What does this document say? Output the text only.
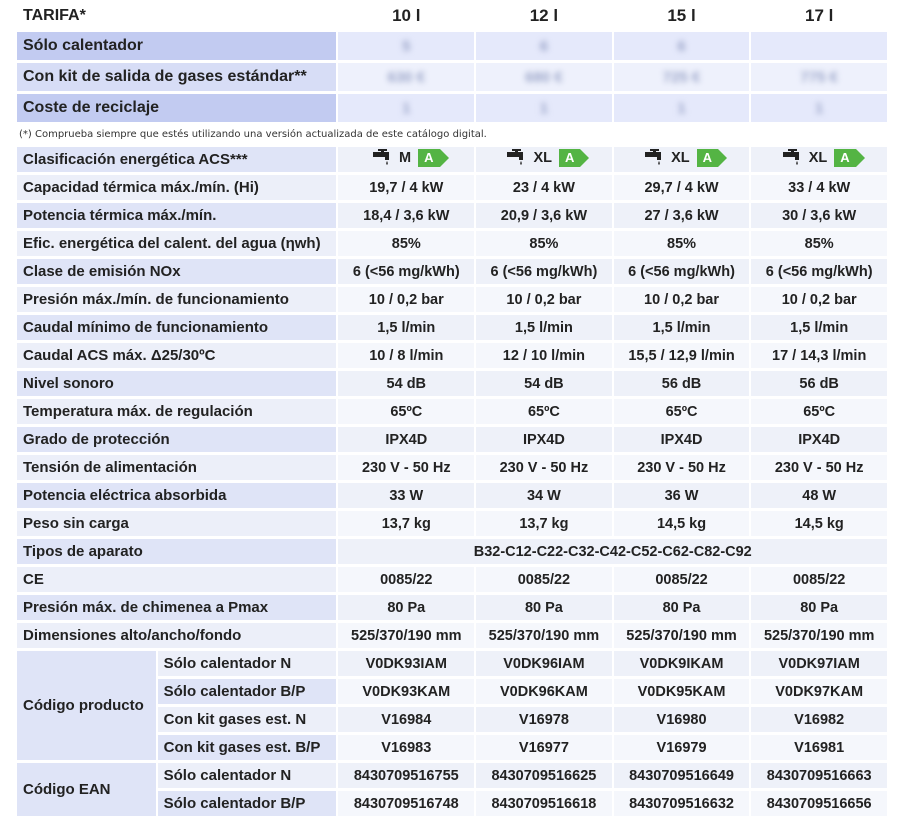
TARIFA*		10 l	12 l	15 l	17 l
Sólo calentador		5	6	6	
Con kit de salida de gases estándar**		630 €	680 €	725 €	775 €
Coste de reciclaje		1	1	1	1
(*) Comprueba siempre que estés utilizando una versión actualizada de este catálogo digital.					
Clasificación energética ACS***		M A	XL A	XL A	XL A

Capacidad térmica máx./mín. (Hi)		19,7 / 4 kW	23 / 4 kW	29,7 / 4 kW	33 / 4 kW
Potencia térmica máx./mín.		18,4 / 3,6 kW	20,9 / 3,6 kW	27 / 3,6 kW	30 / 3,6 kW
Efic. energética del calent. del agua (ηwh)		85%	85%	85%	85%
Clase de emisión NOx		6 (<56 mg/kWh)	6 (<56 mg/kWh)	6 (<56 mg/kWh)	6 (<56 mg/kWh)
Presión máx./mín. de funcionamiento		10 / 0,2 bar	10 / 0,2 bar	10 / 0,2 bar	10 / 0,2 bar
Caudal mínimo de funcionamiento		1,5 l/min	1,5 l/min	1,5 l/min	1,5 l/min
Caudal ACS máx. Δ25/30ºC		10 / 8 l/min	12 / 10 l/min	15,5 / 12,9 l/min	17 / 14,3 l/min
Nivel sonoro		54 dB	54 dB	56 dB	56 dB
Temperatura máx. de regulación		65ºC	65ºC	65ºC	65ºC
Grado de protección		IPX4D	IPX4D	IPX4D	IPX4D
Tensión de alimentación		230 V - 50 Hz	230 V - 50 Hz	230 V - 50 Hz	230 V - 50 Hz
Potencia eléctrica absorbida		33 W	34 W	36 W	48 W
Peso sin carga		13,7 kg	13,7 kg	14,5 kg	14,5 kg
Tipos de aparato		B32-C12-C22-C32-C42-C52-C62-C82-C92			
CE		0085/22	0085/22	0085/22	0085/22
Presión máx. de chimenea a Pmax		80 Pa	80 Pa	80 Pa	80 Pa
Dimensiones alto/ancho/fondo		525/370/190 mm	525/370/190 mm	525/370/190 mm	525/370/190 mm
Código producto	Sólo calentador N	V0DK93IAM	V0DK96IAM	V0DK9IKAM	V0DK97IAM
	Sólo calentador B/P	V0DK93KAM	V0DK96KAM	V0DK95KAM	V0DK97KAM
	Con kit gases est. N	V16984	V16978	V16980	V16982
	Con kit gases est. B/P	V16983	V16977	V16979	V16981
Código EAN	Sólo calentador N	8430709516755	8430709516625	8430709516649	8430709516663
	Sólo calentador B/P	8430709516748	8430709516618	8430709516632	8430709516656
